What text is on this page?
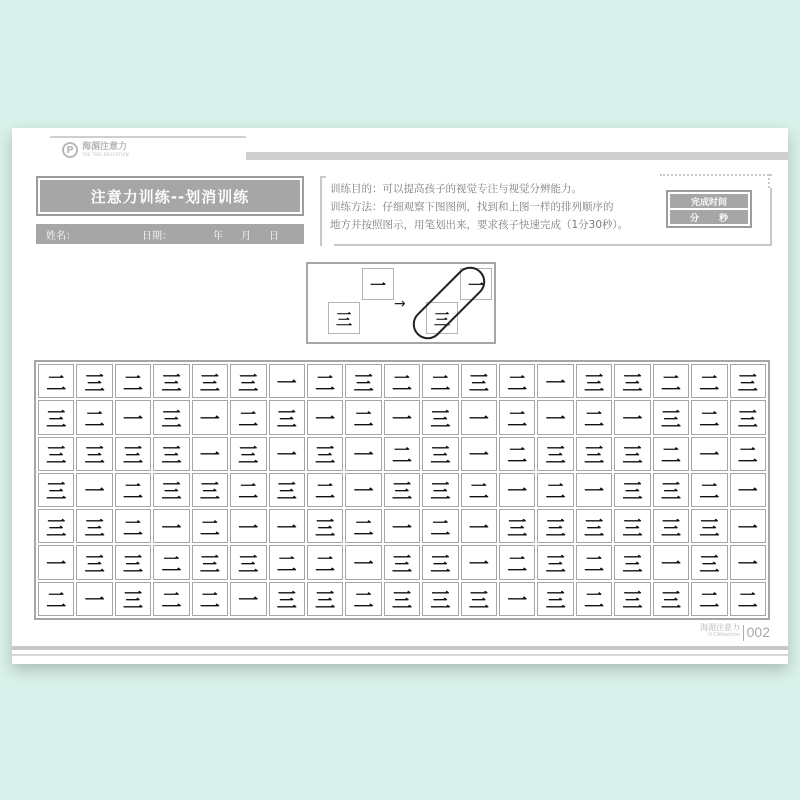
P 海湄注意力
THE TIDE EDUCATION
注意力训练--划消训练
姓名：	日期：	年	月	日
训练目的：可以提高孩子的视觉专注与视觉分辨能力。
训练方法：仔细观察下图图例，找到和上图一样的排列顺序的
地方并按照图示，用笔划出来，要求孩子快速完成（1分30秒）。
完成时间
分 秒
一
三
→
一
三
二 三 二 三 三 三 一 二 三 二 二 三 二 一 三 三 二 二 三
三 二 一 三 一 二 三 一 二 一 三 一 二 一 二 一 三 二 三
三 三 三 三 一 三 一 三 一 二 三 一 二 三 三 三 二 一 二
三 一 二 三 三 二 三 二 一 三 三 二 一 二 一 三 三 二 一
三 三 二 一 二 一 一 三 二 一 二 一 三 三 三 三 三 三 一
一 三 三 二 三 三 二 二 一 三 三 一 二 三 二 三 一 三 一
二 一 三 二 二 一 三 三 二 三 三 三 一 三 二 三 三 二 二
海湄注意力
H CAttention 002
